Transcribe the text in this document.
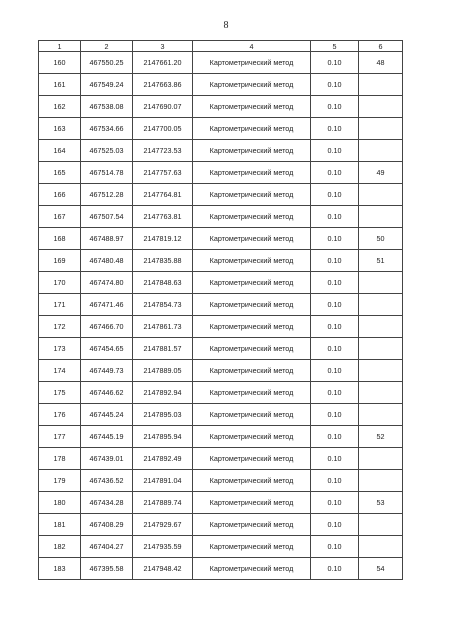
8
1	2	3	4	5	6
160	467550.25	2147661.20	Картометрический метод	0.10	48
161	467549.24	2147663.86	Картометрический метод	0.10	
162	467538.08	2147690.07	Картометрический метод	0.10	
163	467534.66	2147700.05	Картометрический метод	0.10	
164	467525.03	2147723.53	Картометрический метод	0.10	
165	467514.78	2147757.63	Картометрический метод	0.10	49
166	467512.28	2147764.81	Картометрический метод	0.10	
167	467507.54	2147763.81	Картометрический метод	0.10	
168	467488.97	2147819.12	Картометрический метод	0.10	50
169	467480.48	2147835.88	Картометрический метод	0.10	51
170	467474.80	2147848.63	Картометрический метод	0.10	
171	467471.46	2147854.73	Картометрический метод	0.10	
172	467466.70	2147861.73	Картометрический метод	0.10	
173	467454.65	2147881.57	Картометрический метод	0.10	
174	467449.73	2147889.05	Картометрический метод	0.10	
175	467446.62	2147892.94	Картометрический метод	0.10	
176	467445.24	2147895.03	Картометрический метод	0.10	
177	467445.19	2147895.94	Картометрический метод	0.10	52
178	467439.01	2147892.49	Картометрический метод	0.10	
179	467436.52	2147891.04	Картометрический метод	0.10	
180	467434.28	2147889.74	Картометрический метод	0.10	53
181	467408.29	2147929.67	Картометрический метод	0.10	
182	467404.27	2147935.59	Картометрический метод	0.10	
183	467395.58	2147948.42	Картометрический метод	0.10	54
